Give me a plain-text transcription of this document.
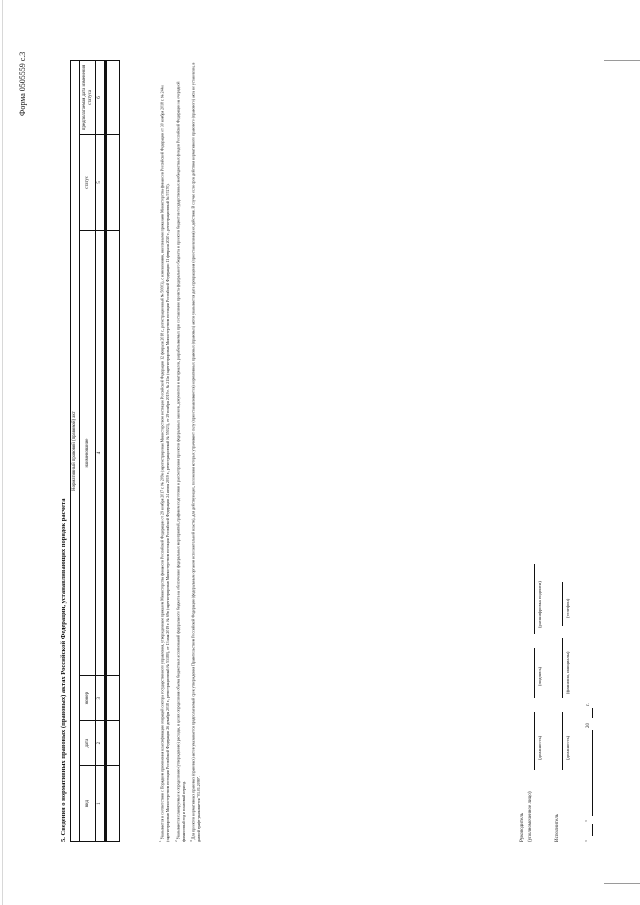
Форма 0505559 с.3
5. Сведения о нормативных правовых (правовых) актах Российской Федерации, устанавливающих порядок расчета
Нормативный правовой (правовой) акт					
вид	дата	номер	наименование	статус	предполагаемая дата изменения статуса
1	2	3	4	5	6

$^1$ Указывается в соответствии с Порядком применения классификации операций сектора государственного управления, утвержденным приказом Министерства финансов Российской Федерации от 29 ноября 2017 г. № 209н (зарегистрирован Министерством юстиции Российской Федерации 12 февраля 2018 г., регистрационный № 50003), с изменениями, внесенными приказами Министерства финансов Российской Федерации от 30 ноября 2018 г. № 244н (зарегистрирован Министерством юстиции Российской Федерации 26 декабря 2018 г., регистрационный № 53180), от 13 мая 2019 г. № 69н (зарегистрирован Министерством юстиции Российской Федерации 24 июня 2019 г., регистрационный № 55023), от 29 ноября 2019 г. № 211н (зарегистрирован Министерством юстиции Российской Федерации 11 февраля 2020 г., регистрационный № 57470).	$^2$ Указываются планируемые к определению (утверждению) расходы, в целях определения объема бюджетных ассигнований федерального бюджета на обеспечение федеральных мероприятий, графиком подготовки и рассмотрения проектов федеральных законов, документов и материалов, разрабатываемых при составлении проекта федерального бюджета и проектов бюджетов государственных внебюджетных фондов Российской Федерации на очередной финансовый год и плановый период.	$^3$ Для проектов нормативных правовых (правовых) актов указывается предполагаемый срок утверждения Правительством Российской Федерации (федеральным органом исполнительной власти), для действующих, положения которых утрачивают силу (приостанавливаются) нормативных правовых (правовых) актов указывается дата прекращения (приостановления) их действия. В случае если срок действия нормативного правового (правового) акта не установлен, в данной графе указывается "01.01.2099".	Руководитель (уполномоченное лицо)
(должность)
(подпись)
(расшифровка подписи)
Исполнитель
(должность)
(фамилия, инициалы)
(телефон)
"
"
20
г.
